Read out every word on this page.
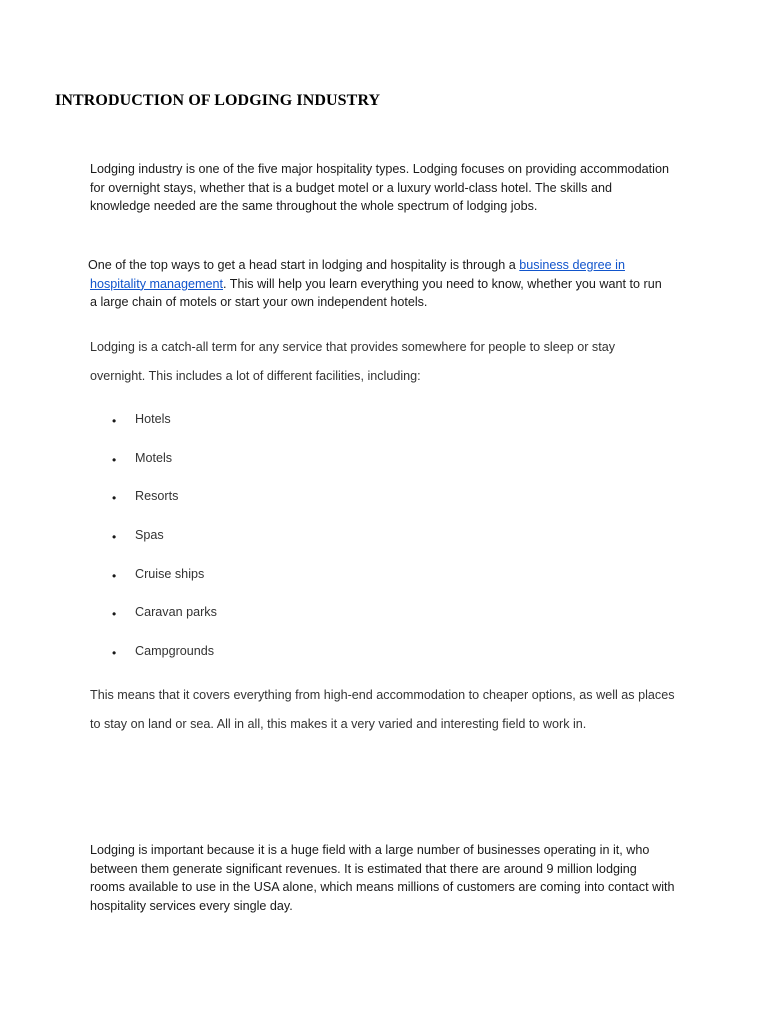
INTRODUCTION OF LODGING INDUSTRY

Lodging industry is one of the five major hospitality types. Lodging focuses on providing accommodation
for overnight stays, whether that is a budget motel or a luxury world-class hotel. The skills and
knowledge needed are the same throughout the whole spectrum of lodging jobs.

One of the top ways to get a head start in lodging and hospitality is through a business degree in
hospitality management. This will help you learn everything you need to know, whether you want to run
a large chain of motels or start your own independent hotels.

Lodging is a catch-all term for any service that provides somewhere for people to sleep or stay
overnight. This includes a lot of different facilities, including:

• Hotels
• Motels
• Resorts
• Spas
• Cruise ships
• Caravan parks
• Campgrounds

This means that it covers everything from high-end accommodation to cheaper options, as well as places
to stay on land or sea. All in all, this makes it a very varied and interesting field to work in.

Lodging is important because it is a huge field with a large number of businesses operating in it, who
between them generate significant revenues. It is estimated that there are around 9 million lodging
rooms available to use in the USA alone, which means millions of customers are coming into contact with
hospitality services every single day.
